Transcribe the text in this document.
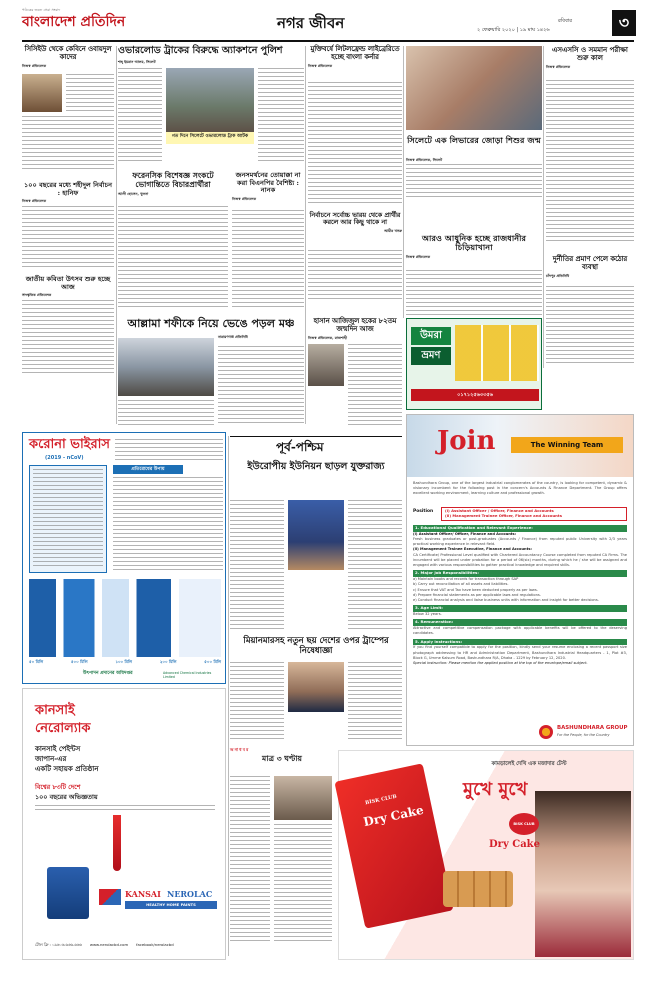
পাঠকের জন্যে সেরা সংবাদ
বাংলাদেশ প্রতিদিন	নগর জীবন	রবিবার
২ ফেব্রুয়ারি ২০২০ | ১৯ মাঘ ১৪২৬	৩
সিসিইউ থেকে কেবিনে ওবায়দুল কাদের
নিজস্ব প্রতিবেদক
১০০ বছরের মধ্যে শহীদুল নির্বাচন : হানিফ
নিজস্ব প্রতিবেদক
জাতীয় কবিতা উৎসব শুরু হচ্ছে আজ
সাংস্কৃতিক প্রতিবেদক
ওভারলোড ট্রাকের বিরুদ্ধে অ্যাকশনে পুলিশ
শাহ্ ইমরান আলম, সিলেট
গত দিনে সিলেটে ওভারলোড ট্রাক আটক
ফরেনসিক বিশেষজ্ঞ সংকটে ভোগান্তিতে বিচারপ্রার্থীরা
আলী হোসেন, খুলনা
জনসমর্থনের তোয়াক্কা না করা বিএনপির বৈশিষ্ট্য : নানক
নিজস্ব প্রতিবেদক
মুক্তিবর্ষে লিটলফ্রেন্ড লাইব্রেরিতে হচ্ছে বাংলা কর্নার
নিজস্ব প্রতিবেদক
নির্বাচনে সর্বোচ্চ ভারয় থেকে প্রার্থীর করলে আর কিছু থাকে না
আমীর খসরু
সিলেটে এক লিভারের জোড়া শিশুর জন্ম
নিজস্ব প্রতিবেদক, সিলেট
আরও আধুনিক হচ্ছে রাজধানীর চিড়িয়াখানা
নিজস্ব প্রতিবেদক
এসএসসি ও সমমান পরীক্ষা শুরু কাল
নিজস্ব প্রতিবেদক
দুর্নীতির প্রমাণ পেলে কঠোর ব্যবস্থা
চাঁদপুর প্রতিনিধি
আল্লামা শফীকে নিয়ে ভেঙে পড়ল মঞ্চ
নারায়ণগঞ্জ প্রতিনিধি
হাসান আজিজুল হকের ৮২তম জন্মদিন আজ
নিজস্ব প্রতিবেদক, রাজশাহী	উমরা
ভ্রমণ
০১৭১২৫৬৩৩৫৬
করোনা ভাইরাস
(2019 - nCoV)
প্রতিরোধের উপায়
৫০ মিলি	৫০০ মিলি	১০০ মিলি	২০০ মিলি	৫০০ মিলি
উৎপাদন প্রদানের অধিদপ্তর	Advanced Chemical Industries Limited
পূর্ব-পশ্চিম
ইউরোপীয় ইউনিয়ন ছাড়ল যুক্তরাজ্য
মিয়ানমারসহ নতুন ছয় দেশের ওপর ট্রাম্পের নিষেধাজ্ঞা
অ না ধ ব র
মাত্র ৩ ঘণ্টায়
কানসাই
নেরোল্যাক
কানসাই পেইন্টস
জাপান-এর
একটি সহায়ক প্রতিষ্ঠান
বিশ্বের ৮৩টি দেশে
১০০ বছরের অভিজ্ঞতায়
KANSAI NEROLAC
HEALTHY HOME PAINTS
টোল ফ্রি : ০৯৬০৬-৬৬৬-৬৬৬ www.nerolacbd.com facebook/nerolacbd
Join	The Winning Team
Bashundhara Group, one of the largest industrial conglomerates of the country, is looking for competent, dynamic & visionary incumbent for the following post in the concern's Accounts & Finance Department. The Group offers excellent working environment, learning culture and professional growth.
Position	(i) Assistant Officer / Officer, Finance and Accounts
(ii) Management Trainee Officer, Finance and Accounts
1. Educational Qualification and Relevant Experience:
(i) Assistant Officer/ Officer, Finance and Accounts:
Fresh business graduates or post-graduates (Accounts / Finance) from reputed public University with 2/3 years practical working experience in relevant field.
(ii) Management Trainee Executive, Finance and Accounts:
CA Certificate/ Professional Level qualified with Chartered Accountancy Course completed from reputed CA Firms. The incumbent will be placed under probation for a period of 06(six) months, during which he / she will be assigned and engaged with various responsibilities to gather practical knowledge and required skills.
2. Major Job Responsibilities:
a) Maintain books and records for transaction through SAP
b) Carry out reconciliation of all assets and liabilities.
c) Ensure that VAT and Tax have been deducted properly as per laws.
d) Prepare financial statements as per applicable laws and regulations.
e) Conduct financial analysis and liaise business units with information and insight for better decisions.
3. Age Limit:
Below 32 years.
4. Remuneration:
Attractive and competitive compensation package with applicable benefits will be offered to the deserving candidates.
5. Apply instructions:
If you find yourself compatible to apply for the position, kindly send your resume enclosing a recent passport size photograph addressing to HR and Administration Department, Bashundhara Industrial Headquarters - 1, Plot #3, Block G, Umme Kalsum Road, Bashundhara R/A, Dhaka - 1229 by February 12, 2020.
Special instruction: Please mention the applied position at the top of the envelope/email subject.
BASHUNDHARA GROUP
For the People, for the Country
BISK CLUB
Dry Cake
কামড়ালেই দেখি এক মজাদার টেস্ট
মুখে মুখে
BISK CLUB
Dry Cake
